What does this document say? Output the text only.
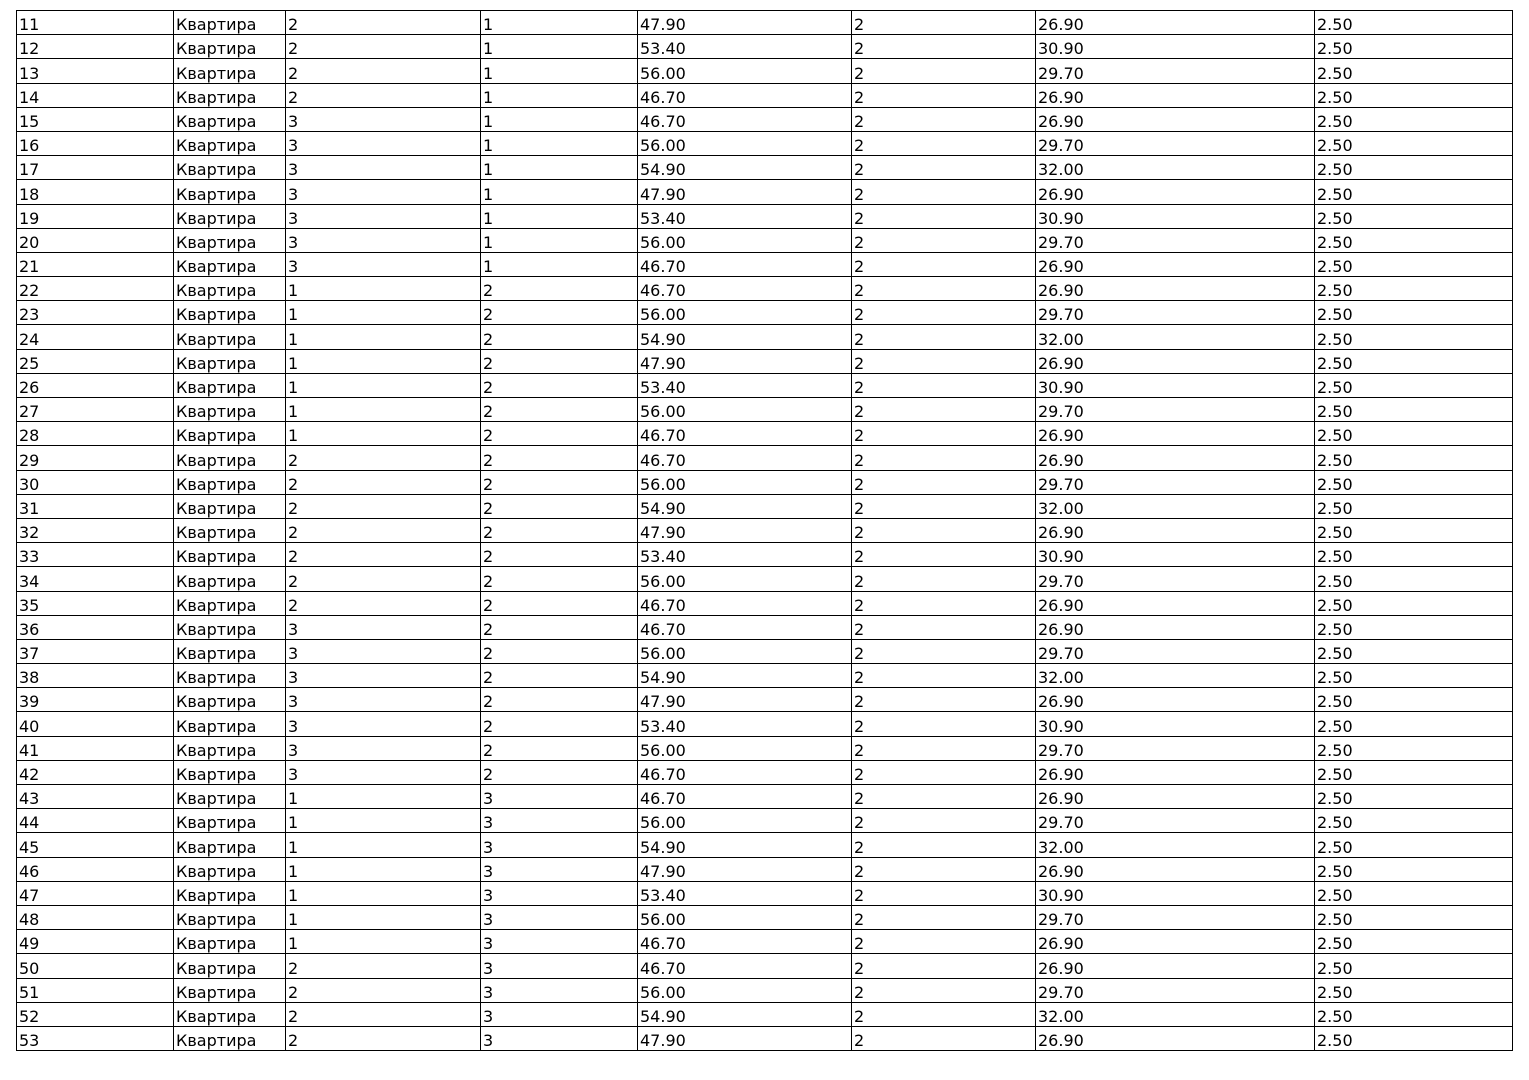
11	Квартира	2	1	47.90	2	26.90	2.50
12	Квартира	2	1	53.40	2	30.90	2.50
13	Квартира	2	1	56.00	2	29.70	2.50
14	Квартира	2	1	46.70	2	26.90	2.50
15	Квартира	3	1	46.70	2	26.90	2.50
16	Квартира	3	1	56.00	2	29.70	2.50
17	Квартира	3	1	54.90	2	32.00	2.50
18	Квартира	3	1	47.90	2	26.90	2.50
19	Квартира	3	1	53.40	2	30.90	2.50
20	Квартира	3	1	56.00	2	29.70	2.50
21	Квартира	3	1	46.70	2	26.90	2.50
22	Квартира	1	2	46.70	2	26.90	2.50
23	Квартира	1	2	56.00	2	29.70	2.50
24	Квартира	1	2	54.90	2	32.00	2.50
25	Квартира	1	2	47.90	2	26.90	2.50
26	Квартира	1	2	53.40	2	30.90	2.50
27	Квартира	1	2	56.00	2	29.70	2.50
28	Квартира	1	2	46.70	2	26.90	2.50
29	Квартира	2	2	46.70	2	26.90	2.50
30	Квартира	2	2	56.00	2	29.70	2.50
31	Квартира	2	2	54.90	2	32.00	2.50
32	Квартира	2	2	47.90	2	26.90	2.50
33	Квартира	2	2	53.40	2	30.90	2.50
34	Квартира	2	2	56.00	2	29.70	2.50
35	Квартира	2	2	46.70	2	26.90	2.50
36	Квартира	3	2	46.70	2	26.90	2.50
37	Квартира	3	2	56.00	2	29.70	2.50
38	Квартира	3	2	54.90	2	32.00	2.50
39	Квартира	3	2	47.90	2	26.90	2.50
40	Квартира	3	2	53.40	2	30.90	2.50
41	Квартира	3	2	56.00	2	29.70	2.50
42	Квартира	3	2	46.70	2	26.90	2.50
43	Квартира	1	3	46.70	2	26.90	2.50
44	Квартира	1	3	56.00	2	29.70	2.50
45	Квартира	1	3	54.90	2	32.00	2.50
46	Квартира	1	3	47.90	2	26.90	2.50
47	Квартира	1	3	53.40	2	30.90	2.50
48	Квартира	1	3	56.00	2	29.70	2.50
49	Квартира	1	3	46.70	2	26.90	2.50
50	Квартира	2	3	46.70	2	26.90	2.50
51	Квартира	2	3	56.00	2	29.70	2.50
52	Квартира	2	3	54.90	2	32.00	2.50
53	Квартира	2	3	47.90	2	26.90	2.50
